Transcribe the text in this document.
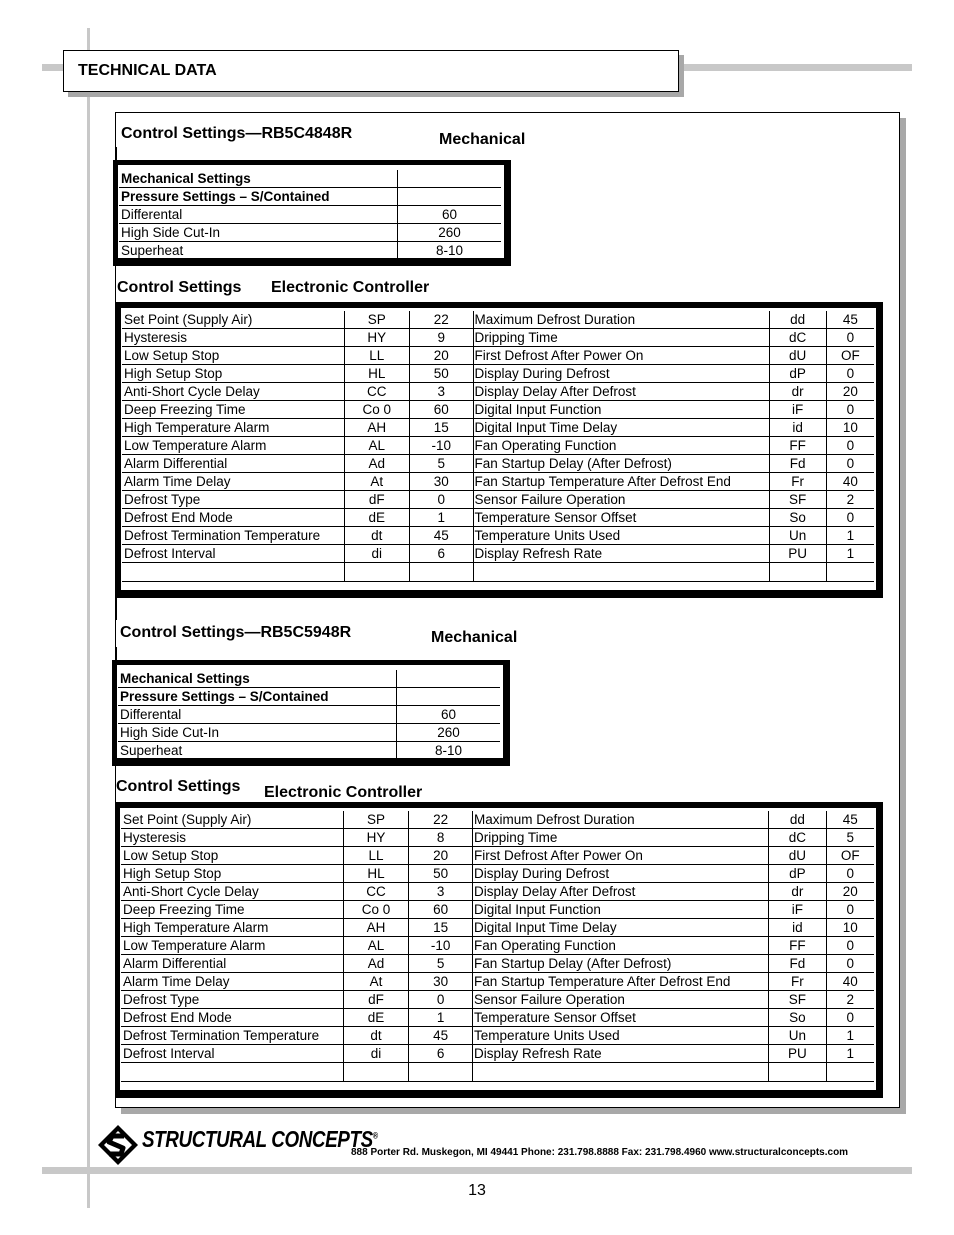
TECHNICAL DATA
Control Settings—RB5C4848R	Mechanical
Mechanical Settings	
Pressure Settings – S/Contained	
Differental	60
High Side Cut-In	260
Superheat	8-10
Control Settings Electronic Controller
Set Point (Supply Air)	SP	22	Maximum Defrost Duration	dd	45
Hysteresis	HY	9	Dripping Time	dC	0
Low Setup Stop	LL	20	First Defrost After Power On	dU	OF
High Setup Stop	HL	50	Display During Defrost	dP	0
Anti-Short Cycle Delay	CC	3	Display Delay After Defrost	dr	20
Deep Freezing Time	Co 0	60	Digital Input Function	iF	0
High Temperature Alarm	AH	15	Digital Input Time Delay	id	10
Low Temperature Alarm	AL	-10	Fan Operating Function	FF	0
Alarm Differential	Ad	5	Fan Startup Delay (After Defrost)	Fd	0
Alarm Time Delay	At	30	Fan Startup Temperature After Defrost End	Fr	40
Defrost Type	dF	0	Sensor Failure Operation	SF	2
Defrost End Mode	dE	1	Temperature Sensor Offset	So	0
Defrost Termination Temperature	dt	45	Temperature Units Used	Un	1
Defrost Interval	di	6	Display Refresh Rate	PU	1

Control Settings—RB5C5948R	Mechanical
Mechanical Settings	
Pressure Settings – S/Contained	
Differental	60
High Side Cut-In	260
Superheat	8-10
Control Settings Electronic Controller
Set Point (Supply Air)	SP	22	Maximum Defrost Duration	dd	45
Hysteresis	HY	8	Dripping Time	dC	5
Low Setup Stop	LL	20	First Defrost After Power On	dU	OF
High Setup Stop	HL	50	Display During Defrost	dP	0
Anti-Short Cycle Delay	CC	3	Display Delay After Defrost	dr	20
Deep Freezing Time	Co 0	60	Digital Input Function	iF	0
High Temperature Alarm	AH	15	Digital Input Time Delay	id	10
Low Temperature Alarm	AL	-10	Fan Operating Function	FF	0
Alarm Differential	Ad	5	Fan Startup Delay (After Defrost)	Fd	0
Alarm Time Delay	At	30	Fan Startup Temperature After Defrost End	Fr	40
Defrost Type	dF	0	Sensor Failure Operation	SF	2
Defrost End Mode	dE	1	Temperature Sensor Offset	So	0
Defrost Termination Temperature	dt	45	Temperature Units Used	Un	1
Defrost Interval	di	6	Display Refresh Rate	PU	1

STRUCTURAL CONCEPTS®
888 Porter Rd. Muskegon, MI 49441 Phone: 231.798.8888 Fax: 231.798.4960 www.structuralconcepts.com
13
